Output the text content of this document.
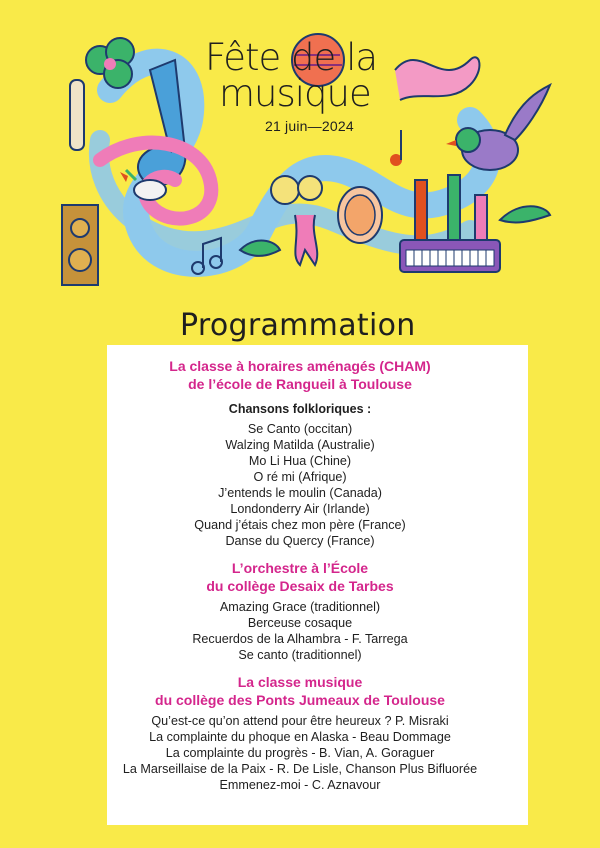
Fête de la
musique
21 juin—2024
Programmation
La classe à horaires aménagés (CHAM)
de l’école de Rangueil à Toulouse
Chansons folkloriques :
Se Canto (occitan)
Walzing Matilda (Australie)
Mo Li Hua (Chine)
O ré mi (Afrique)
J’entends le moulin (Canada)
Londonderry Air (Irlande)
Quand j’étais chez mon père (France)
Danse du Quercy (France)
L’orchestre à l’École
du collège Desaix de Tarbes
Amazing Grace (traditionnel)
Berceuse cosaque
Recuerdos de la Alhambra - F. Tarrega
Se canto (traditionnel)
La classe musique
du collège des Ponts Jumeaux de Toulouse
Qu’est-ce qu’on attend pour être heureux ? P. Misraki
La complainte du phoque en Alaska - Beau Dommage
La complainte du progrès - B. Vian, A. Goraguer
La Marseillaise de la Paix - R. De Lisle, Chanson Plus Bifluorée
Emmenez-moi - C. Aznavour
